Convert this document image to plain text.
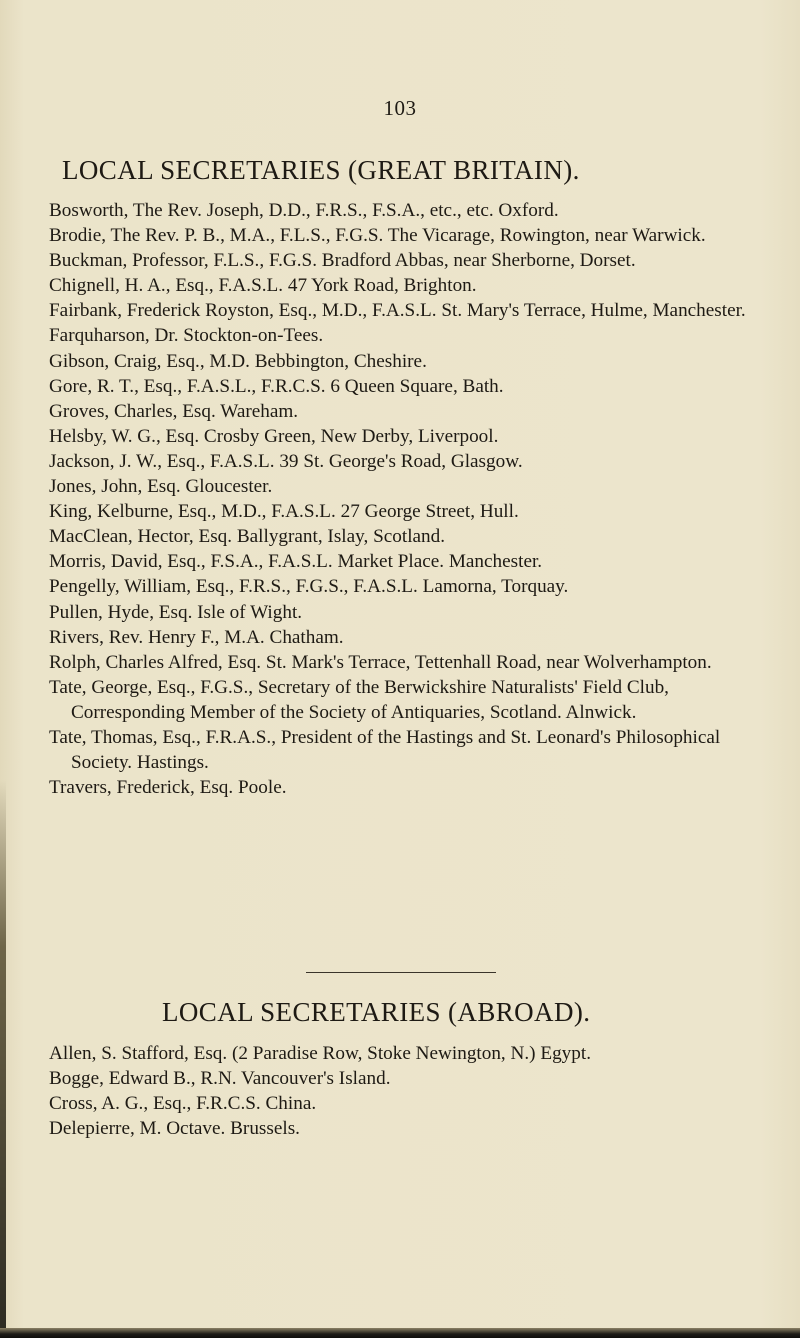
103
LOCAL SECRETARIES (GREAT BRITAIN).
Bosworth, The Rev. Joseph, D.D., F.R.S., F.S.A., etc., etc. Oxford.
Brodie, The Rev. P. B., M.A., F.L.S., F.G.S. The Vicarage, Rowington, near Warwick.
Buckman, Professor, F.L.S., F.G.S. Bradford Abbas, near Sherborne, Dorset.
Chignell, H. A., Esq., F.A.S.L. 47 York Road, Brighton.
Fairbank, Frederick Royston, Esq., M.D., F.A.S.L. St. Mary's Terrace, Hulme, Manchester.
Farquharson, Dr. Stockton-on-Tees.
Gibson, Craig, Esq., M.D. Bebbington, Cheshire.
Gore, R. T., Esq., F.A.S.L., F.R.C.S. 6 Queen Square, Bath.
Groves, Charles, Esq. Wareham.
Helsby, W. G., Esq. Crosby Green, New Derby, Liverpool.
Jackson, J. W., Esq., F.A.S.L. 39 St. George's Road, Glasgow.
Jones, John, Esq. Gloucester.
King, Kelburne, Esq., M.D., F.A.S.L. 27 George Street, Hull.
MacClean, Hector, Esq. Ballygrant, Islay, Scotland.
Morris, David, Esq., F.S.A., F.A.S.L. Market Place. Manchester.
Pengelly, William, Esq., F.R.S., F.G.S., F.A.S.L. Lamorna, Torquay.
Pullen, Hyde, Esq. Isle of Wight.
Rivers, Rev. Henry F., M.A. Chatham.
Rolph, Charles Alfred, Esq. St. Mark's Terrace, Tettenhall Road, near Wolverhampton.
Tate, George, Esq., F.G.S., Secretary of the Berwickshire Naturalists' Field Club, Corresponding Member of the Society of Antiquaries, Scotland. Alnwick.
Tate, Thomas, Esq., F.R.A.S., President of the Hastings and St. Leonard's Philosophical Society. Hastings.
Travers, Frederick, Esq. Poole.
LOCAL SECRETARIES (ABROAD).
Allen, S. Stafford, Esq. (2 Paradise Row, Stoke Newington, N.) Egypt.
Bogge, Edward B., R.N. Vancouver's Island.
Cross, A. G., Esq., F.R.C.S. China.
Delepierre, M. Octave. Brussels.
